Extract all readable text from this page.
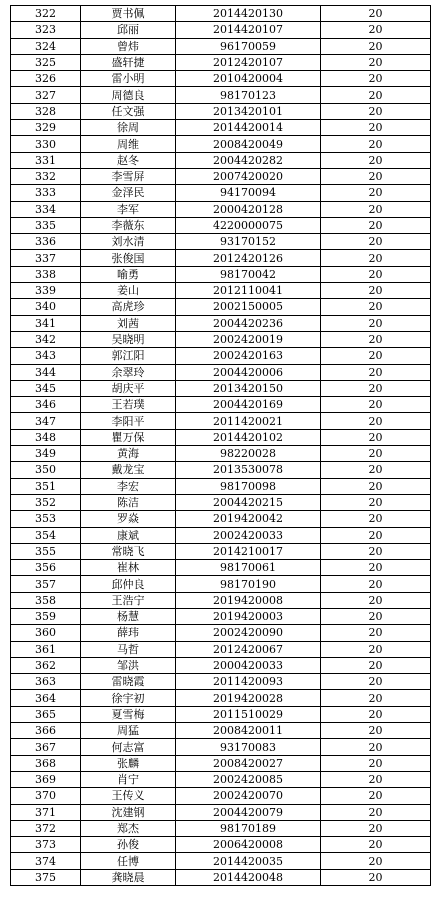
322	贾书佩	2014420130	20
323	邱丽	2014420107	20
324	曾炜	96170059	20
325	盛轩捷	2012420107	20
326	雷小明	2010420004	20
327	周德良	98170123	20
328	任文强	2013420101	20
329	徐周	2014420014	20
330	周维	2008420049	20
331	赵冬	2004420282	20
332	李雪屏	2007420020	20
333	金泽民	94170094	20
334	李军	2000420128	20
335	李薇东	4220000075	20
336	刘水清	93170152	20
337	张俊国	2012420126	20
338	喻勇	98170042	20
339	姜山	2012110041	20
340	高虎珍	2002150005	20
341	刘茜	2004420236	20
342	吴晓明	2002420019	20
343	郭江阳	2002420163	20
344	余翠玲	2004420006	20
345	胡庆平	2013420150	20
346	王若璞	2004420169	20
347	李阳平	2011420021	20
348	瞿万保	2014420102	20
349	黄海	98220028	20
350	戴龙宝	2013530078	20
351	李宏	98170098	20
352	陈洁	2004420215	20
353	罗焱	2019420042	20
354	康斌	2002420033	20
355	常晓飞	2014210017	20
356	崔林	98170061	20
357	邱仲良	98170190	20
358	王浩宁	2019420008	20
359	杨慧	2019420003	20
360	薛玮	2002420090	20
361	马哲	2012420067	20
362	邹洪	2000420033	20
363	雷晓霞	2011420093	20
364	徐宇初	2019420028	20
365	夏雪梅	2011510029	20
366	周猛	2008420011	20
367	何志富	93170083	20
368	张麟	2008420027	20
369	肖宁	2002420085	20
370	王传义	2002420070	20
371	沈建钢	2004420079	20
372	郑杰	98170189	20
373	孙俊	2006420008	20
374	任博	2014420035	20
375	龚晓晨	2014420048	20
